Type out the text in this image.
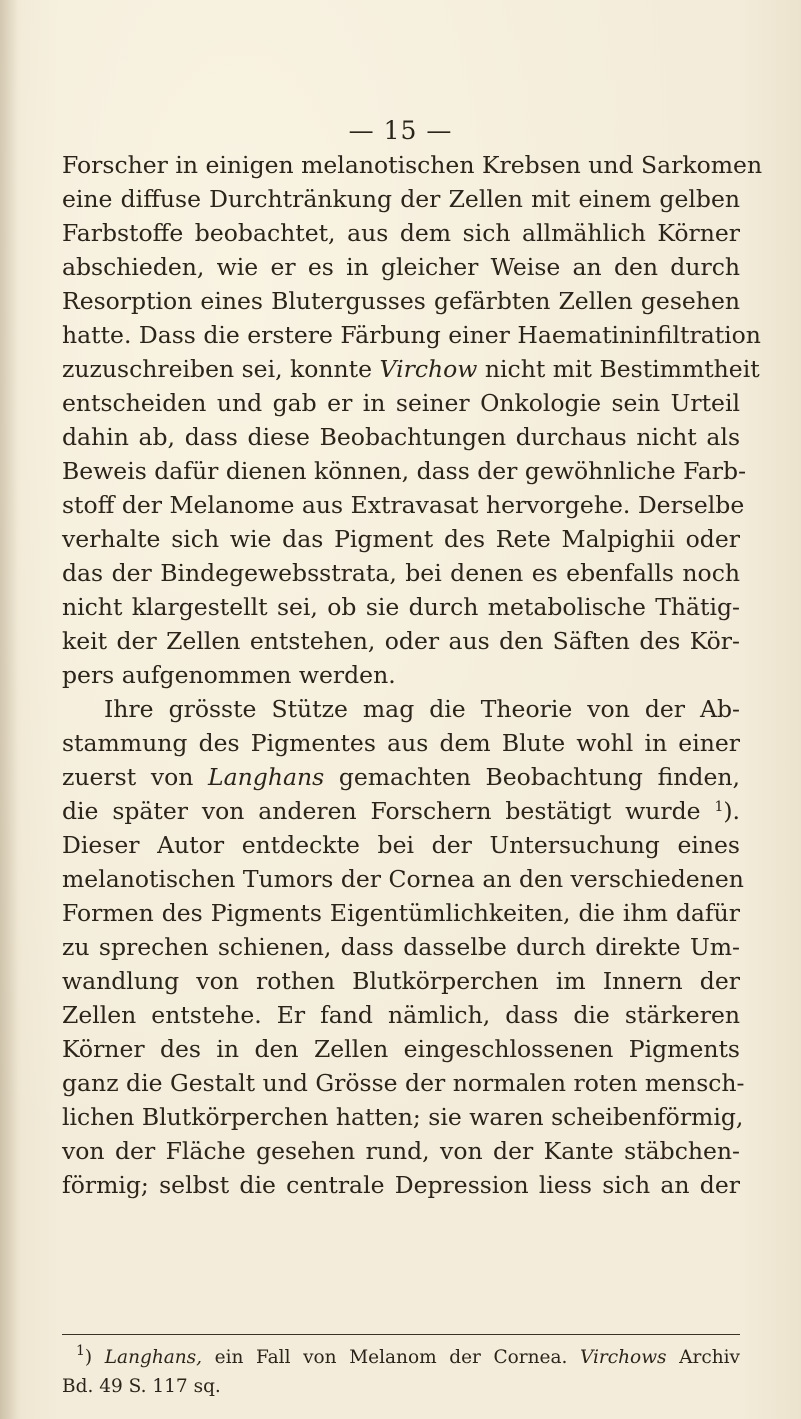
— 15 —
Forscher in einigen melanotischen Krebsen und Sarkomen
eine diffuse Durchtränkung der Zellen mit einem gelben
Farbstoffe beobachtet, aus dem sich allmählich Körner
abschieden, wie er es in gleicher Weise an den durch
Resorption eines Blutergusses gefärbten Zellen gesehen
hatte. Dass die erstere Färbung einer Haematininfiltration
zuzuschreiben sei, konnte Virchow nicht mit Bestimmtheit
entscheiden und gab er in seiner Onkologie sein Urteil
dahin ab, dass diese Beobachtungen durchaus nicht als
Beweis dafür dienen können, dass der gewöhnliche Farb-
stoff der Melanome aus Extravasat hervorgehe. Derselbe
verhalte sich wie das Pigment des Rete Malpighii oder
das der Bindegewebsstrata, bei denen es ebenfalls noch
nicht klargestellt sei, ob sie durch metabolische Thätig-
keit der Zellen entstehen, oder aus den Säften des Kör-
pers aufgenommen werden.
Ihre grösste Stütze mag die Theorie von der Ab-
stammung des Pigmentes aus dem Blute wohl in einer
zuerst von Langhans gemachten Beobachtung finden,
die später von anderen Forschern bestätigt wurde $^1$).
Dieser Autor entdeckte bei der Untersuchung eines
melanotischen Tumors der Cornea an den verschiedenen
Formen des Pigments Eigentümlichkeiten, die ihm dafür
zu sprechen schienen, dass dasselbe durch direkte Um-
wandlung von rothen Blutkörperchen im Innern der
Zellen entstehe. Er fand nämlich, dass die stärkeren
Körner des in den Zellen eingeschlossenen Pigments
ganz die Gestalt und Grösse der normalen roten mensch-
lichen Blutkörperchen hatten; sie waren scheibenförmig,
von der Fläche gesehen rund, von der Kante stäbchen-
förmig; selbst die centrale Depression liess sich an der
$^1$) Langhans, ein Fall von Melanom der Cornea. Virchows Archiv
Bd. 49 S. 117 sq.
